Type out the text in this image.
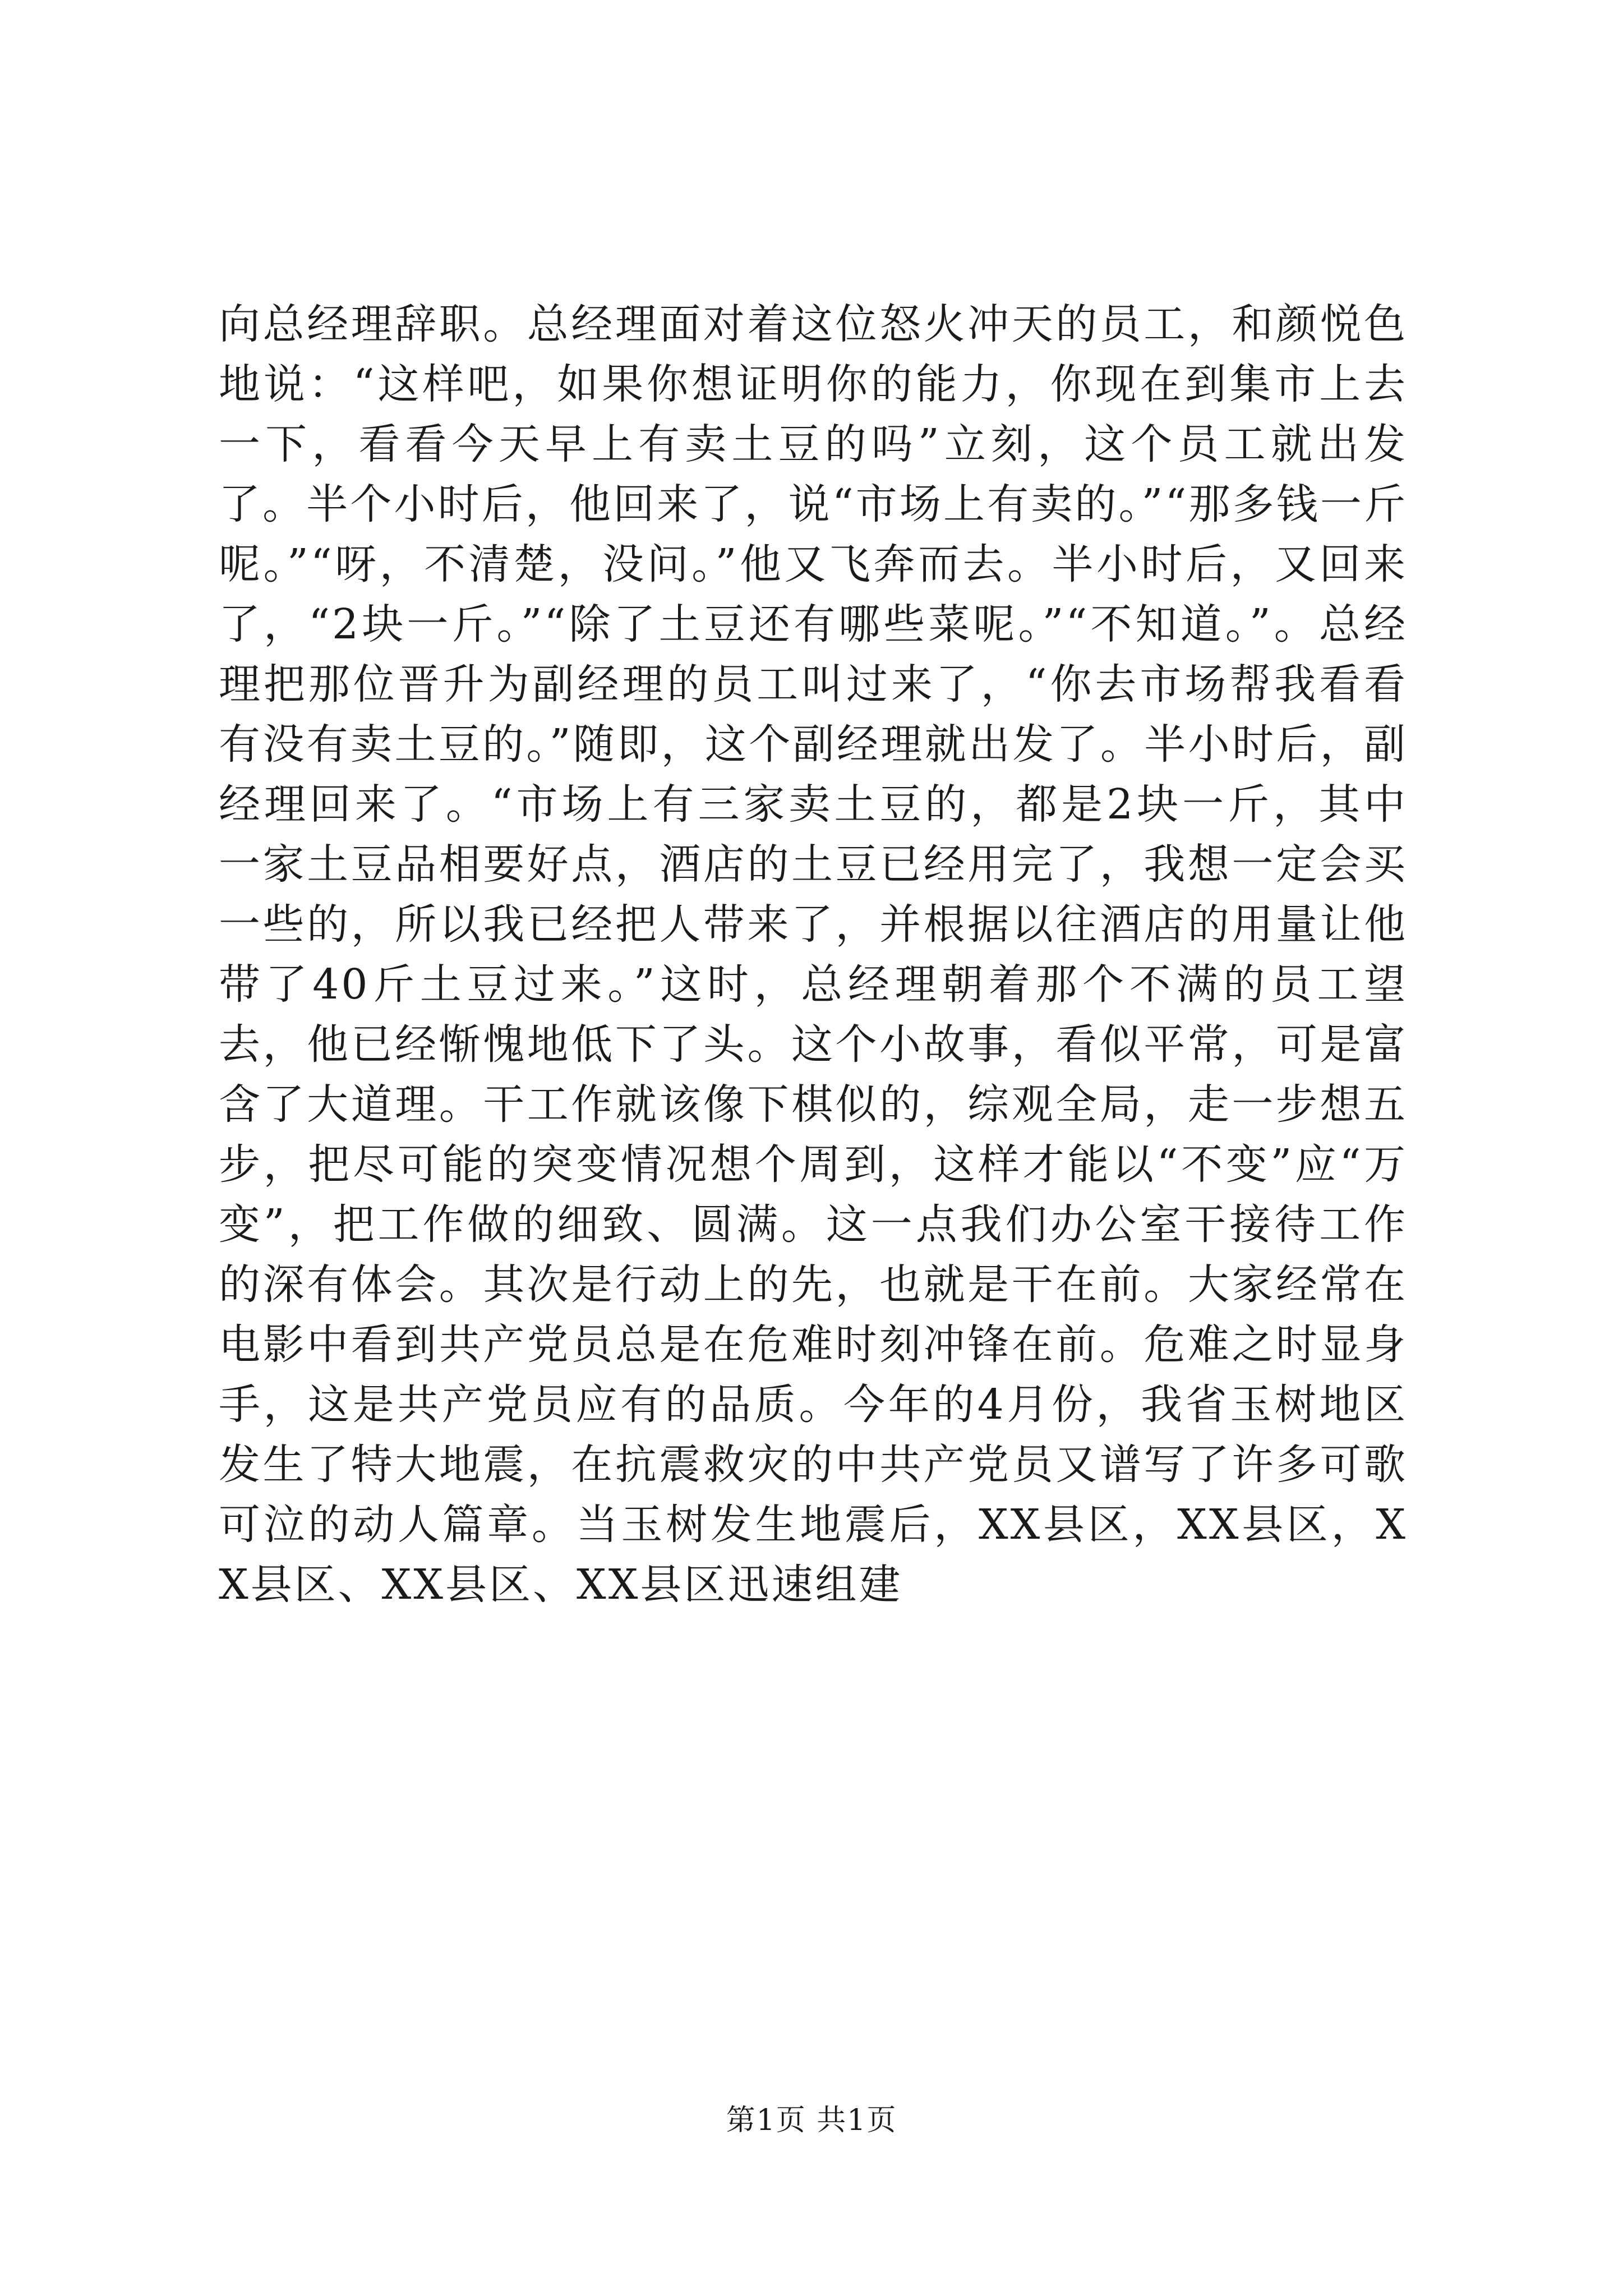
向总经理辞职。总经理面对着这位怒火冲天的员工，和颜悦色地说：“这样吧，如果你想证明你的能力，你现在到集市上去一下，看看今天早上有卖土豆的吗”立刻，这个员工就出发了。半个小时后，他回来了，说“市场上有卖的。”“那多钱一斤呢。”“呀，不清楚，没问。”他又飞奔而去。半小时后，又回来了，“2块一斤。”“除了土豆还有哪些菜呢。”“不知道。”。总经理把那位晋升为副经理的员工叫过来了，“你去市场帮我看看有没有卖土豆的。”随即，这个副经理就出发了。半小时后，副经理回来了。“市场上有三家卖土豆的，都是2块一斤，其中一家土豆品相要好点，酒店的土豆已经用完了，我想一定会买一些的，所以我已经把人带来了，并根据以往酒店的用量让他带了40斤土豆过来。”这时，总经理朝着那个不满的员工望去，他已经惭愧地低下了头。这个小故事，看似平常，可是富含了大道理。干工作就该像下棋似的，综观全局，走一步想五步，把尽可能的突变情况想个周到，这样才能以“不变”应“万变”，把工作做的细致、圆满。这一点我们办公室干接待工作的深有体会。其次是行动上的先，也就是干在前。大家经常在电影中看到共产党员总是在危难时刻冲锋在前。危难之时显身手，这是共产党员应有的品质。今年的4月份，我省玉树地区发生了特大地震，在抗震救灾的中共产党员又谱写了许多可歌可泣的动人篇章。当玉树发生地震后，XX县区，XX县区，XX县区、XX县区、XX县区迅速组建

第1页 共1页
